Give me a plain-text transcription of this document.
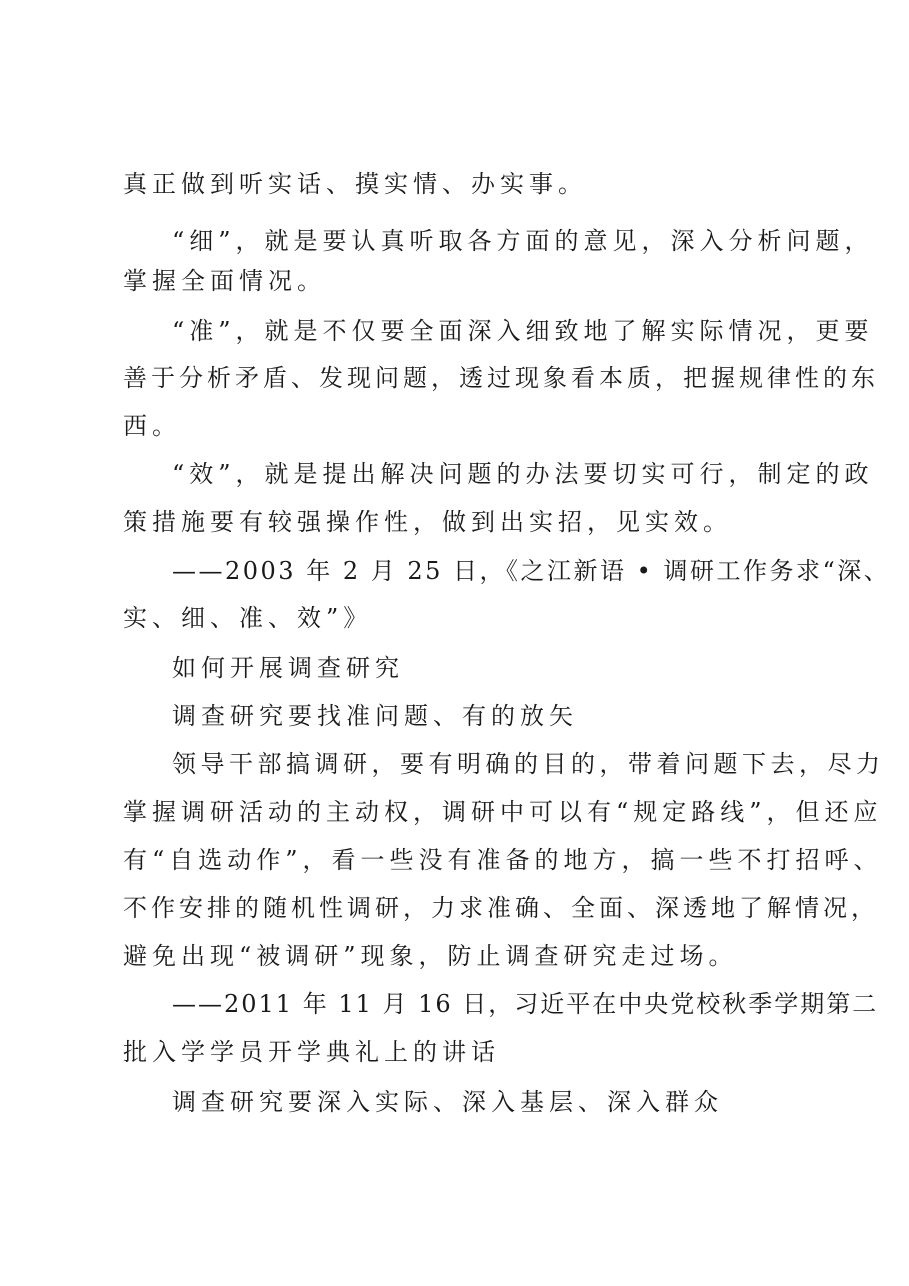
真正做到听实话、摸实情、办实事。
“细”，就是要认真听取各方面的意见，深入分析问题，
掌握全面情况。
“准”，就是不仅要全面深入细致地了解实际情况，更要
善于分析矛盾、发现问题，透过现象看本质，把握规律性的东
西。
“效”，就是提出解决问题的办法要切实可行，制定的政
策措施要有较强操作性，做到出实招，见实效。
——2003 年 2 月 25 日，《之江新语 • 调研工作务求“深、
实、细、准、效”》
如何开展调查研究
调查研究要找准问题、有的放矢
领导干部搞调研，要有明确的目的，带着问题下去，尽力
掌握调研活动的主动权，调研中可以有“规定路线”，但还应
有“自选动作”，看一些没有准备的地方，搞一些不打招呼、
不作安排的随机性调研，力求准确、全面、深透地了解情况，
避免出现“被调研”现象，防止调查研究走过场。
——2011 年 11 月 16 日，习近平在中央党校秋季学期第二
批入学学员开学典礼上的讲话
调查研究要深入实际、深入基层、深入群众
